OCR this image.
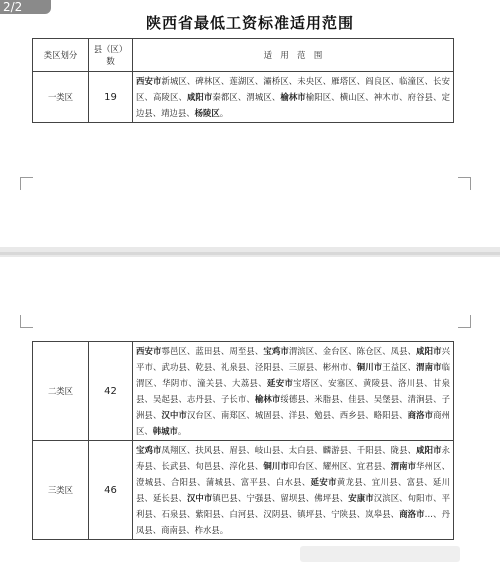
2/2
陕西省最低工资标准适用范围
类区划分	县（区）数	适　用　范　围
一类区	19	西安市新城区、碑林区、莲湖区、灞桥区、未央区、雁塔区、阎良区、临潼区、长安区、高陵区、咸阳市秦都区、渭城区、榆林市榆阳区、横山区、神木市、府谷县、定边县、靖边县、杨陵区。
二类区	42	西安市鄠邑区、蓝田县、周至县、宝鸡市渭滨区、金台区、陈仓区、凤县、咸阳市兴平市、武功县、乾县、礼泉县、泾阳县、三原县、彬州市、铜川市王益区、渭南市临渭区、华阴市、潼关县、大荔县、延安市宝塔区、安塞区、黄陵县、洛川县、甘泉县、吴起县、志丹县、子长市、榆林市绥德县、米脂县、佳县、吴堡县、清涧县、子洲县、汉中市汉台区、南郑区、城固县、洋县、勉县、西乡县、略阳县、商洛市商州区、韩城市。
三类区	46	宝鸡市凤翔区、扶风县、眉县、岐山县、太白县、麟游县、千阳县、陇县、咸阳市永寿县、长武县、旬邑县、淳化县、铜川市印台区、耀州区、宜君县、渭南市华州区、澄城县、合阳县、蒲城县、富平县、白水县、延安市黄龙县、宜川县、富县、延川县、延长县、汉中市镇巴县、宁强县、留坝县、佛坪县、安康市汉滨区、旬阳市、平利县、石泉县、紫阳县、白河县、汉阴县、镇坪县、宁陕县、岚皋县、商洛市…、丹凤县、商南县、柞水县。
